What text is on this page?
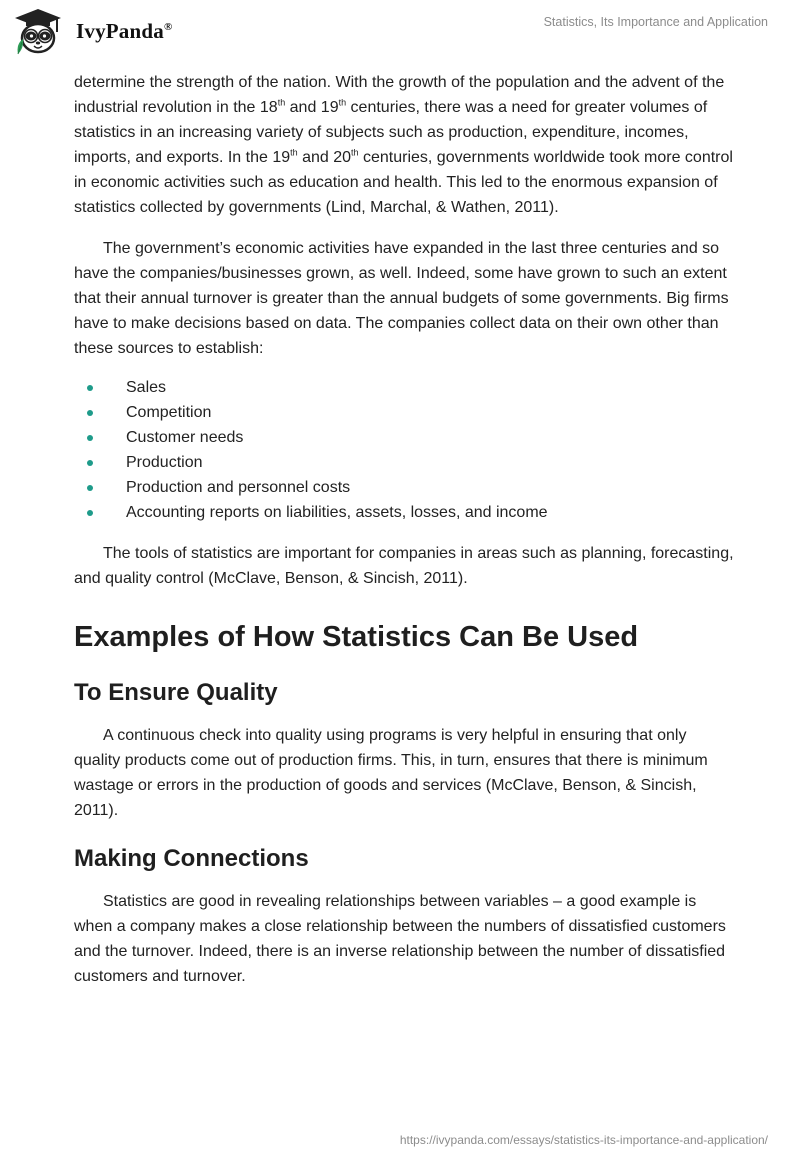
IvyPanda®	Statistics, Its Importance and Application

determine the strength of the nation. With the growth of the population and the advent of the industrial revolution in the 18th and 19th centuries, there was a need for greater volumes of statistics in an increasing variety of subjects such as production, expenditure, incomes, imports, and exports. In the 19th and 20th centuries, governments worldwide took more control in economic activities such as education and health. This led to the enormous expansion of statistics collected by governments (Lind, Marchal, & Wathen, 2011).

The government’s economic activities have expanded in the last three centuries and so have the companies/businesses grown, as well. Indeed, some have grown to such an extent that their annual turnover is greater than the annual budgets of some governments. Big firms have to make decisions based on data. The companies collect data on their own other than these sources to establish:

Sales
Competition
Customer needs
Production
Production and personnel costs
Accounting reports on liabilities, assets, losses, and income

The tools of statistics are important for companies in areas such as planning, forecasting, and quality control (McClave, Benson, & Sincish, 2011).

Examples of How Statistics Can Be Used
To Ensure Quality

A continuous check into quality using programs is very helpful in ensuring that only quality products come out of production firms. This, in turn, ensures that there is minimum wastage or errors in the production of goods and services (McClave, Benson, & Sincish, 2011).

Making Connections

Statistics are good in revealing relationships between variables – a good example is when a company makes a close relationship between the numbers of dissatisfied customers and the turnover. Indeed, there is an inverse relationship between the number of dissatisfied customers and turnover.

https://ivypanda.com/essays/statistics-its-importance-and-application/
